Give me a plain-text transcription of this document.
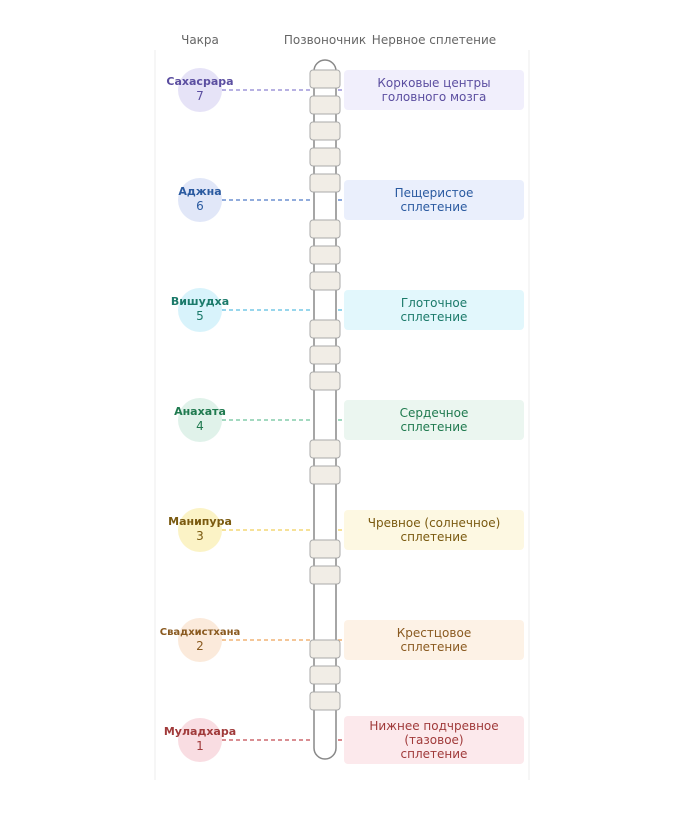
Чакра	Позвоночник Нервное сплетение
Сахасрара
7
Корковые центры
головного мозга
Аджна
6
Пещеристое
сплетение
Вишудха
5
Глоточное
сплетение
Анахата
4
Сердечное
сплетение
Манипура
3
Чревное (солнечное)
сплетение
Свадхистхана
2
Крестцовое
сплетение
Муладхара
1
Нижнее подчревное
(тазовое)
сплетение
